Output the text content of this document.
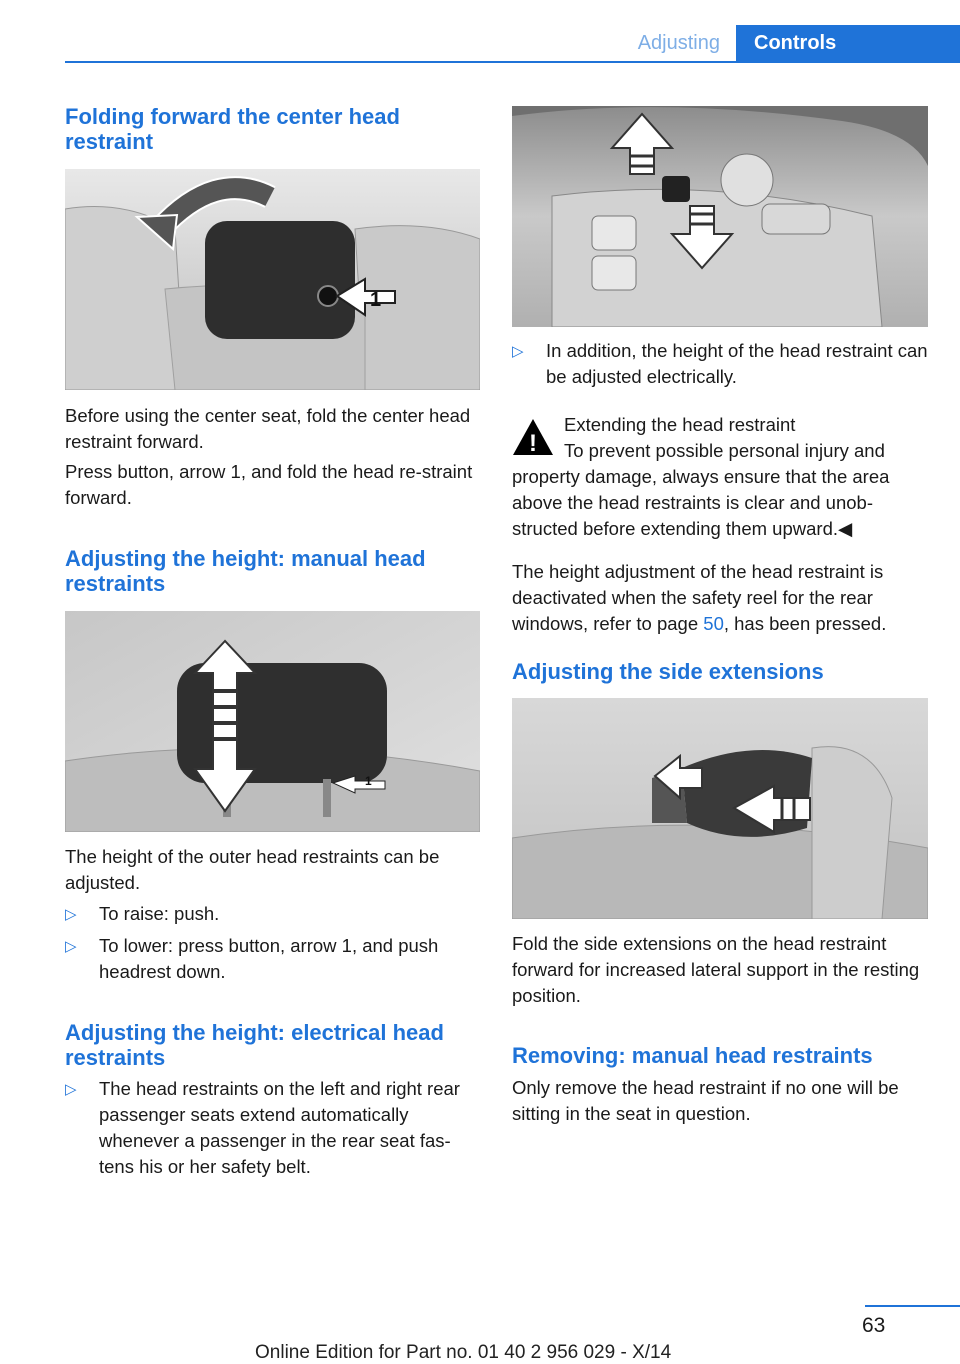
Adjusting	Controls
Folding forward the center head restraint
1

Before using the center seat, fold the center head restraint forward.

Press button, arrow 1, and fold the head re‐straint forward.

Adjusting the height: manual head restraints
1

The height of the outer head restraints can be adjusted.

▷	To raise: push.
▷	To lower: press button, arrow 1, and push headrest down.
Adjusting the height: electrical head restraints
▷	The head restraints on the left and right rear passenger seats extend automatically whenever a passenger in the rear seat fas‐tens his or her safety belt.
▷	In addition, the height of the head restraint can be adjusted electrically.
!

Extending the head restraint

To prevent possible personal injury and property damage, always ensure that the area above the head restraints is clear and unob‐structed before extending them upward.◀

The height adjustment of the head restraint is deactivated when the safety reel for the rear windows, refer to page 50, has been pressed.

Adjusting the side extensions

Fold the side extensions on the head restraint forward for increased lateral support in the resting position.

Removing: manual head restraints

Only remove the head restraint if no one will be sitting in the seat in question.

63
Online Edition for Part no. 01 40 2 956 029 - X/14
